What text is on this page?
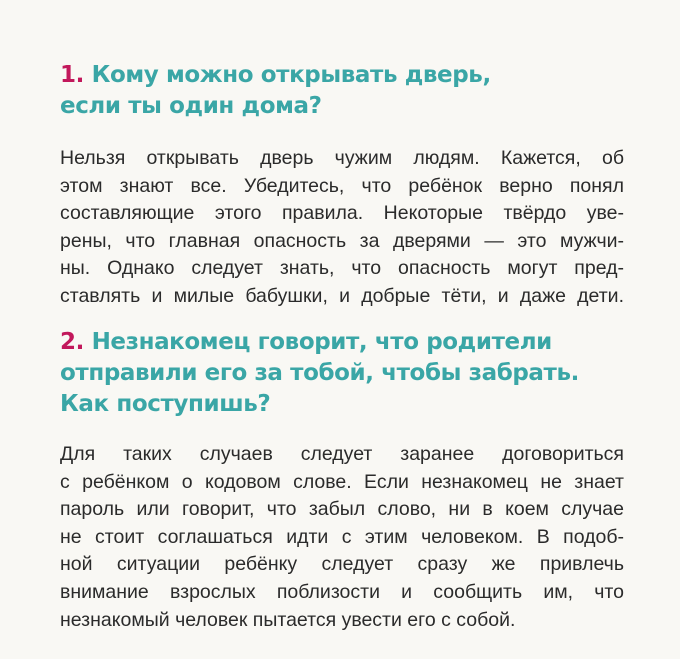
1. Кому можно открывать дверь,
если ты один дома?

Нельзя открывать дверь чужим людям. Кажется, об
этом знают все. Убедитесь, что ребёнок верно понял
составляющие этого правила. Некоторые твёрдо уве-
рены, что главная опасность за дверями — это мужчи-
ны. Однако следует знать, что опасность могут пред-
ставлять и милые бабушки, и добрые тёти, и даже дети.

2. Незнакомец говорит, что родители
отправили его за тобой, чтобы забрать.
Как поступишь?

Для таких случаев следует заранее договориться
с ребёнком о кодовом слове. Если незнакомец не знает
пароль или говорит, что забыл слово, ни в коем случае
не стоит соглашаться идти с этим человеком. В подоб-
ной ситуации ребёнку следует сразу же привлечь
внимание взрослых поблизости и сообщить им, что
незнакомый человек пытается увести его с собой.
